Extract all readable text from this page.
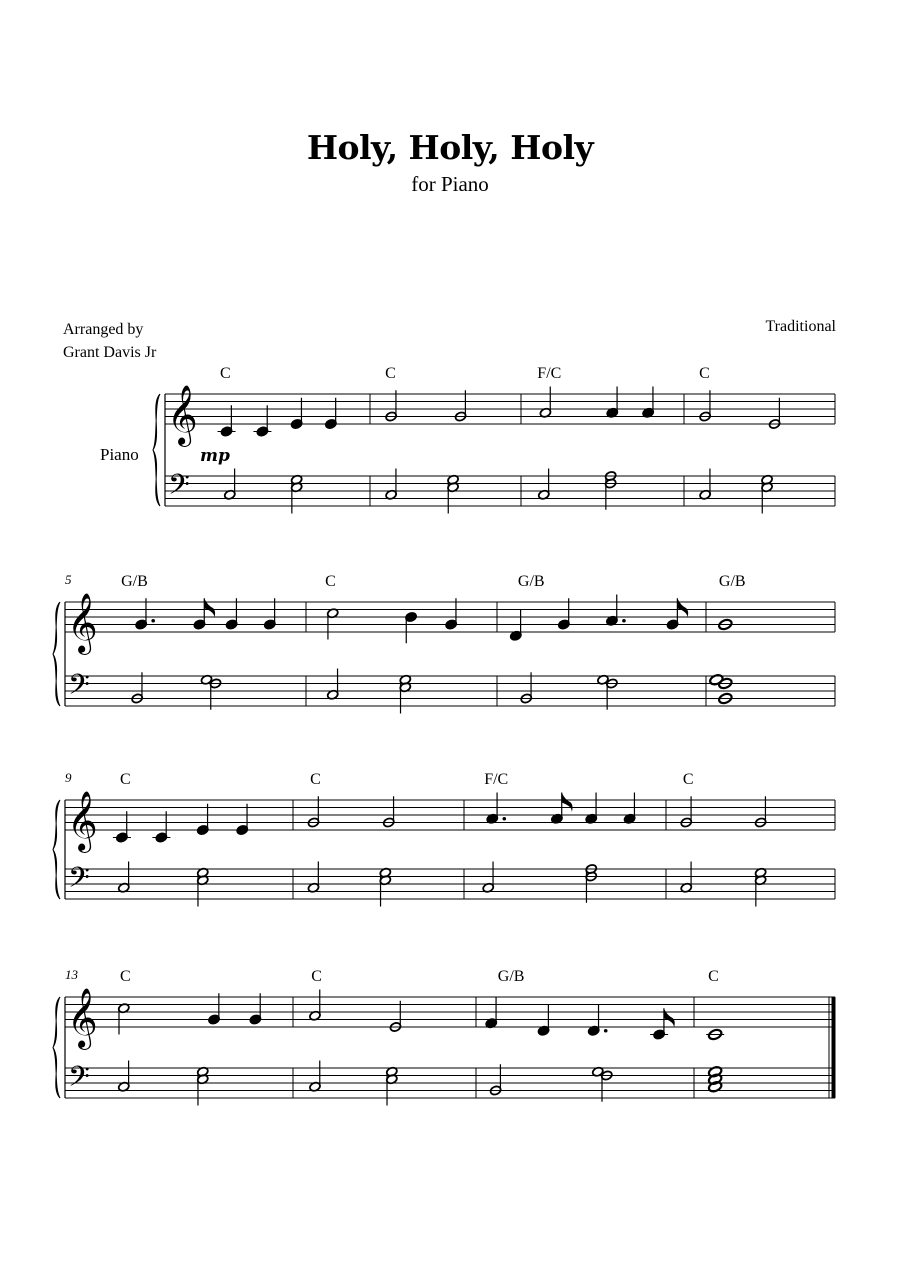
Holy, Holy, Holy
for Piano
Arranged by
Grant Davis Jr
Traditional
𝄞
𝄢
Piano	mp
C	C	F/C	C
𝄞
𝄢
5	G/B	C	G/B	G/B
𝄞
𝄢
9	C	C	F/C	C
𝄞
𝄢
13	C	C	G/B	C
